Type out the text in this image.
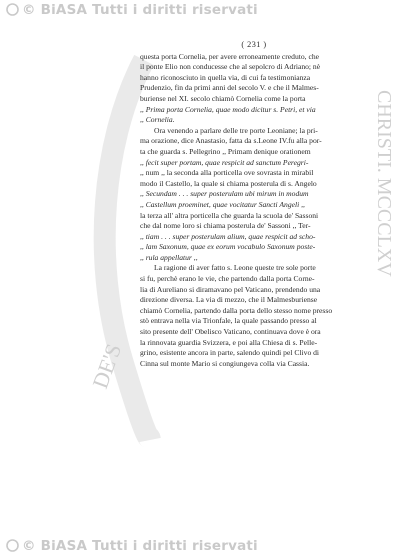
© BiASA Tutti i diritti riservati
DE'S
CHRISTI. MCCCLXV
( 231 )
questa porta Cornelia, per avere erroneamente creduto, che
il ponte Elio non conducesse che al sepolcro di Adriano; nè
hanno riconosciuto in quella via, di cui fa testimonianza
Prudenzio, fin da primi anni del secolo V. e che il Malmes-
buriense nel XI. secolo chiamò Cornelia come la porta
,, Prima porta Cornelia, quae modo dicitur s. Petri, et via
,, Cornelia.
Ora venendo a parlare delle tre porte Leoniane; la pri-
ma orazione, dice Anastasio, fatta da s.Leone IV.fu alla por-
ta che guarda s. Pellegrino ,, Primam denique orationem
,, fecit super portam, quae respicit ad sanctum Peregri-
,, num ,, la seconda alla porticella ove sovrasta in mirabil
modo il Castello, la quale si chiama posterula di s. Angelo
,, Secundam . . . super posterulam ubi mirum in modum
,, Castellum proeminet, quae vocitatur Sancti Angeli ,,
la terza all' altra porticella che guarda la scuola de' Sassoni
che dal nome loro si chiama posterula de' Sassoni ,, Ter-
,, tiam . . . super posterulam alium, quae respicit ad scho-
,, lam Saxonum, quae ex eorum vocabulo Saxonum poste-
,, rula appellatur ,,
La ragione di aver fatto s. Leone queste tre sole porte
si fu, perchè erano le vie, che partendo dalla porta Corne-
lia di Aureliano si diramavano pel Vaticano, prendendo una
direzione diversa. La via di mezzo, che il Malmesburiense
chiamò Cornelia, partendo dalla porta dello stesso nome presso
stò entrava nella via Trionfale, la quale passando presso al
sito presente dell' Obelisco Vaticano, continuava dove è ora
la rinnovata guardia Svizzera, e poi alla Chiesa di s. Pelle-
grino, esistente ancora in parte, salendo quindi pel Clivo di
Cinna sul monte Mario si congiungeva colla via Cassia.
© BiASA Tutti i diritti riservati
